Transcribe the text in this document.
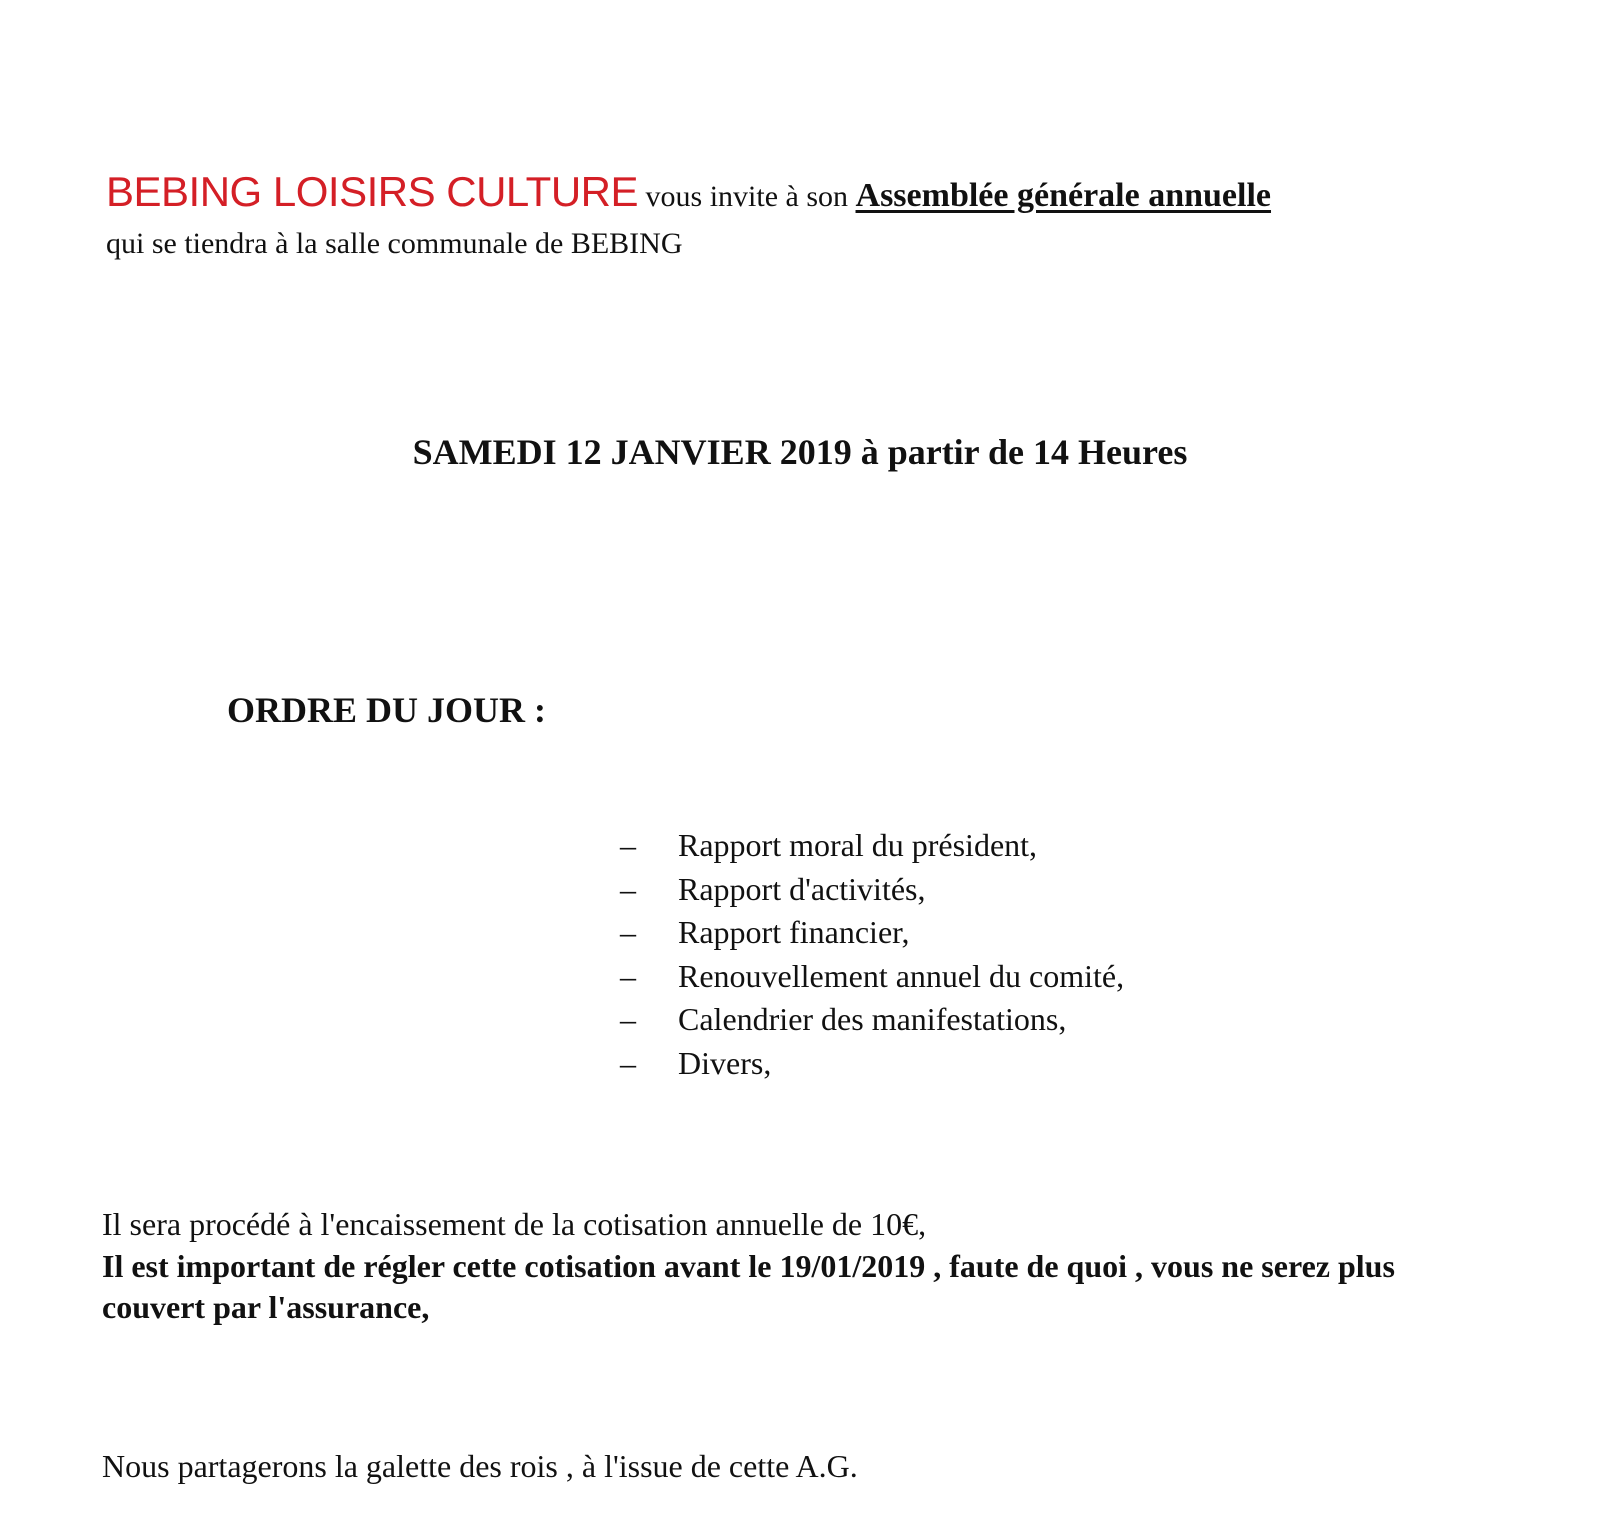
BEBING LOISIRS CULTURE vous invite à son Assemblée générale annuelle
qui se tiendra à la salle communale de BEBING
SAMEDI 12 JANVIER 2019 à partir de 14 Heures
ORDRE DU JOUR :
– Rapport moral du président,
– Rapport d'activités,
– Rapport financier,
– Renouvellement annuel du comité,
– Calendrier des manifestations,
– Divers,
Il sera procédé à l'encaissement de la cotisation annuelle de 10€,
Il est important de régler cette cotisation avant le 19/01/2019 , faute de quoi , vous ne serez plus couvert par l'assurance,
Nous partagerons la galette des rois , à l'issue de cette A.G.
